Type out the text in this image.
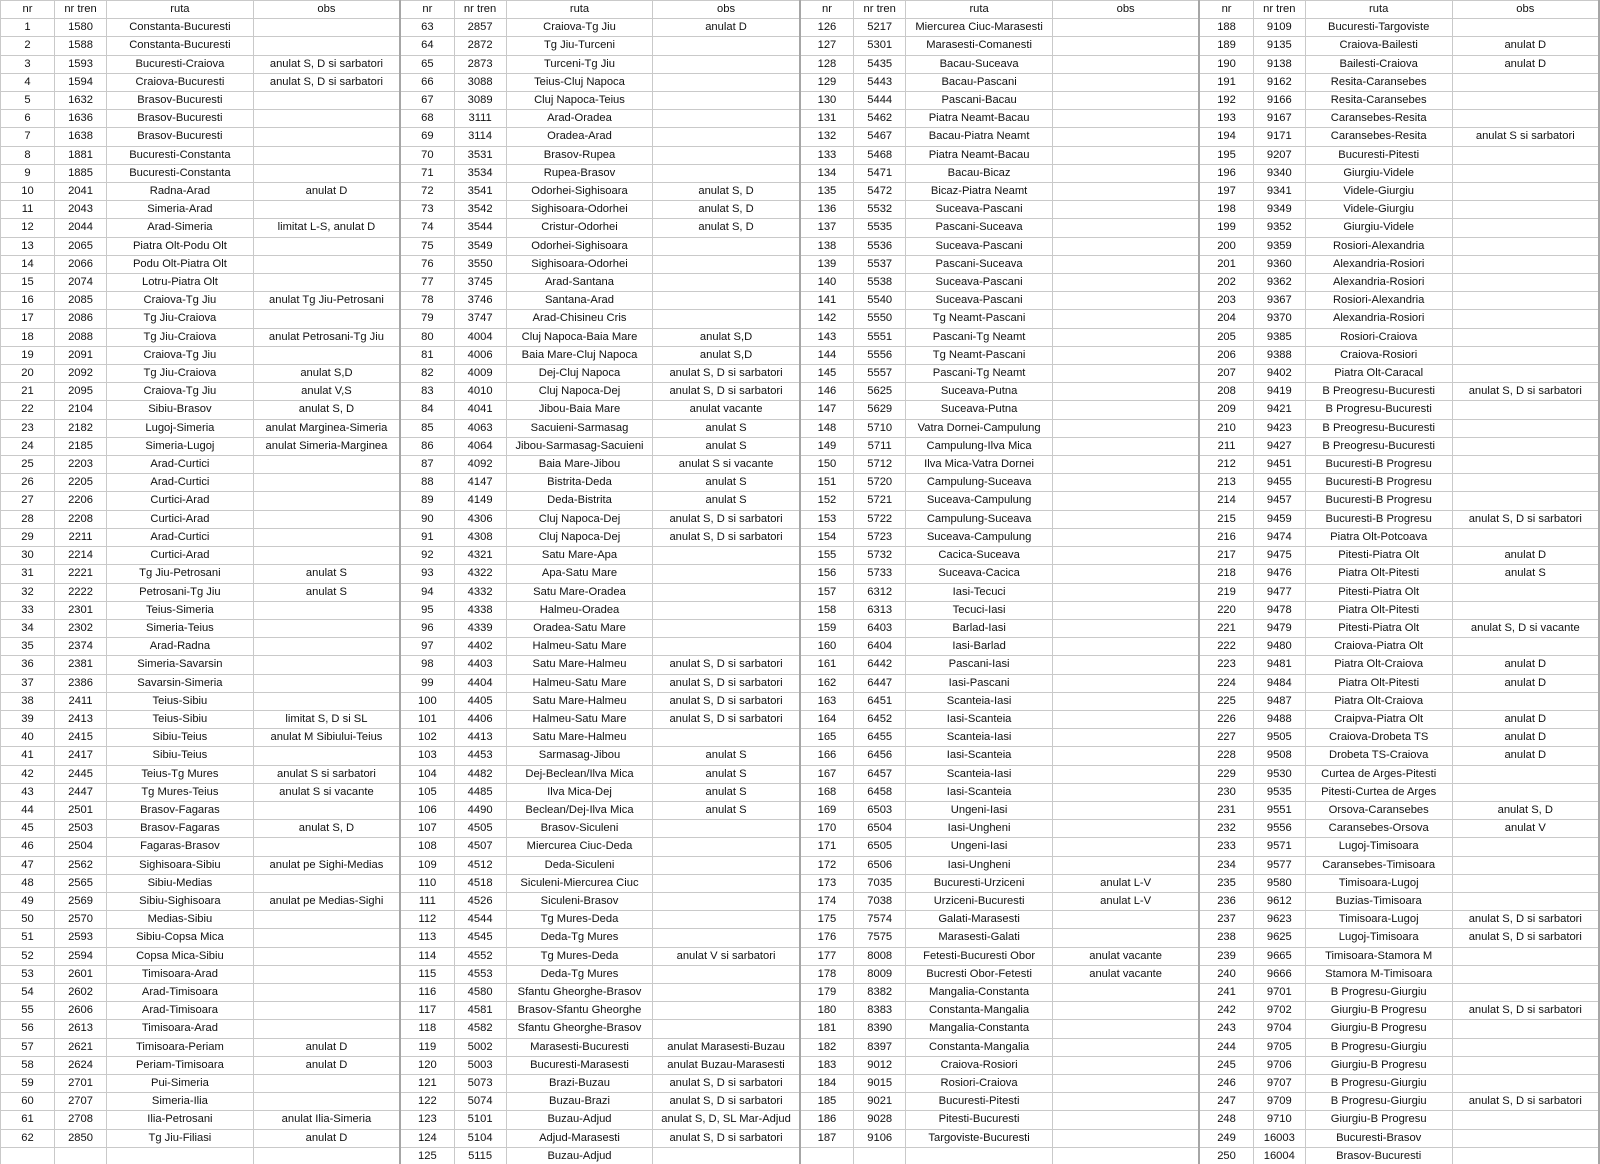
nr	nr tren	ruta	obs	nr	nr tren	ruta	obs	nr	nr tren	ruta	obs	nr	nr tren	ruta	obs
1	1580	Constanta-Bucuresti		63	2857	Craiova-Tg Jiu	anulat D	126	5217	Miercurea Ciuc-Marasesti		188	9109	Bucuresti-Targoviste	
2	1588	Constanta-Bucuresti		64	2872	Tg Jiu-Turceni		127	5301	Marasesti-Comanesti		189	9135	Craiova-Bailesti	anulat D
3	1593	Bucuresti-Craiova	anulat S, D si sarbatori	65	2873	Turceni-Tg Jiu		128	5435	Bacau-Suceava		190	9138	Bailesti-Craiova	anulat D
4	1594	Craiova-Bucuresti	anulat S, D si sarbatori	66	3088	Teius-Cluj Napoca		129	5443	Bacau-Pascani		191	9162	Resita-Caransebes	
5	1632	Brasov-Bucuresti		67	3089	Cluj Napoca-Teius		130	5444	Pascani-Bacau		192	9166	Resita-Caransebes	
6	1636	Brasov-Bucuresti		68	3111	Arad-Oradea		131	5462	Piatra Neamt-Bacau		193	9167	Caransebes-Resita	
7	1638	Brasov-Bucuresti		69	3114	Oradea-Arad		132	5467	Bacau-Piatra Neamt		194	9171	Caransebes-Resita	anulat S si sarbatori
8	1881	Bucuresti-Constanta		70	3531	Brasov-Rupea		133	5468	Piatra Neamt-Bacau		195	9207	Bucuresti-Pitesti	
9	1885	Bucuresti-Constanta		71	3534	Rupea-Brasov		134	5471	Bacau-Bicaz		196	9340	Giurgiu-Videle	
10	2041	Radna-Arad	anulat D	72	3541	Odorhei-Sighisoara	anulat S, D	135	5472	Bicaz-Piatra Neamt		197	9341	Videle-Giurgiu	
11	2043	Simeria-Arad		73	3542	Sighisoara-Odorhei	anulat S, D	136	5532	Suceava-Pascani		198	9349	Videle-Giurgiu	
12	2044	Arad-Simeria	limitat L-S, anulat D	74	3544	Cristur-Odorhei	anulat S, D	137	5535	Pascani-Suceava		199	9352	Giurgiu-Videle	
13	2065	Piatra Olt-Podu Olt		75	3549	Odorhei-Sighisoara		138	5536	Suceava-Pascani		200	9359	Rosiori-Alexandria	
14	2066	Podu Olt-Piatra Olt		76	3550	Sighisoara-Odorhei		139	5537	Pascani-Suceava		201	9360	Alexandria-Rosiori	
15	2074	Lotru-Piatra Olt		77	3745	Arad-Santana		140	5538	Suceava-Pascani		202	9362	Alexandria-Rosiori	
16	2085	Craiova-Tg Jiu	anulat Tg Jiu-Petrosani	78	3746	Santana-Arad		141	5540	Suceava-Pascani		203	9367	Rosiori-Alexandria	
17	2086	Tg Jiu-Craiova		79	3747	Arad-Chisineu Cris		142	5550	Tg Neamt-Pascani		204	9370	Alexandria-Rosiori	
18	2088	Tg Jiu-Craiova	anulat Petrosani-Tg Jiu	80	4004	Cluj Napoca-Baia Mare	anulat S,D	143	5551	Pascani-Tg Neamt		205	9385	Rosiori-Craiova	
19	2091	Craiova-Tg Jiu		81	4006	Baia Mare-Cluj Napoca	anulat S,D	144	5556	Tg Neamt-Pascani		206	9388	Craiova-Rosiori	
20	2092	Tg Jiu-Craiova	anulat S,D	82	4009	Dej-Cluj Napoca	anulat S, D si sarbatori	145	5557	Pascani-Tg Neamt		207	9402	Piatra Olt-Caracal	
21	2095	Craiova-Tg Jiu	anulat V,S	83	4010	Cluj Napoca-Dej	anulat S, D si sarbatori	146	5625	Suceava-Putna		208	9419	B Preogresu-Bucuresti	anulat S, D si sarbatori
22	2104	Sibiu-Brasov	anulat S, D	84	4041	Jibou-Baia Mare	anulat vacante	147	5629	Suceava-Putna		209	9421	B Progresu-Bucuresti	
23	2182	Lugoj-Simeria	anulat Marginea-Simeria	85	4063	Sacuieni-Sarmasag	anulat S	148	5710	Vatra Dornei-Campulung		210	9423	B Preogresu-Bucuresti	
24	2185	Simeria-Lugoj	anulat Simeria-Marginea	86	4064	Jibou-Sarmasag-Sacuieni	anulat S	149	5711	Campulung-Ilva Mica		211	9427	B Preogresu-Bucuresti	
25	2203	Arad-Curtici		87	4092	Baia Mare-Jibou	anulat S si vacante	150	5712	Ilva Mica-Vatra Dornei		212	9451	Bucuresti-B Progresu	
26	2205	Arad-Curtici		88	4147	Bistrita-Deda	anulat S	151	5720	Campulung-Suceava		213	9455	Bucuresti-B Progresu	
27	2206	Curtici-Arad		89	4149	Deda-Bistrita	anulat S	152	5721	Suceava-Campulung		214	9457	Bucuresti-B Progresu	
28	2208	Curtici-Arad		90	4306	Cluj Napoca-Dej	anulat S, D si sarbatori	153	5722	Campulung-Suceava		215	9459	Bucuresti-B Progresu	anulat S, D si sarbatori
29	2211	Arad-Curtici		91	4308	Cluj Napoca-Dej	anulat S, D si sarbatori	154	5723	Suceava-Campulung		216	9474	Piatra Olt-Potcoava	
30	2214	Curtici-Arad		92	4321	Satu Mare-Apa		155	5732	Cacica-Suceava		217	9475	Pitesti-Piatra Olt	anulat D
31	2221	Tg Jiu-Petrosani	anulat S	93	4322	Apa-Satu Mare		156	5733	Suceava-Cacica		218	9476	Piatra Olt-Pitesti	anulat S
32	2222	Petrosani-Tg Jiu	anulat S	94	4332	Satu Mare-Oradea		157	6312	Iasi-Tecuci		219	9477	Pitesti-Piatra Olt	
33	2301	Teius-Simeria		95	4338	Halmeu-Oradea		158	6313	Tecuci-Iasi		220	9478	Piatra Olt-Pitesti	
34	2302	Simeria-Teius		96	4339	Oradea-Satu Mare		159	6403	Barlad-Iasi		221	9479	Pitesti-Piatra Olt	anulat S, D si vacante
35	2374	Arad-Radna		97	4402	Halmeu-Satu Mare		160	6404	Iasi-Barlad		222	9480	Craiova-Piatra Olt	
36	2381	Simeria-Savarsin		98	4403	Satu Mare-Halmeu	anulat S, D si sarbatori	161	6442	Pascani-Iasi		223	9481	Piatra Olt-Craiova	anulat D
37	2386	Savarsin-Simeria		99	4404	Halmeu-Satu Mare	anulat S, D si sarbatori	162	6447	Iasi-Pascani		224	9484	Piatra Olt-Pitesti	anulat D
38	2411	Teius-Sibiu		100	4405	Satu Mare-Halmeu	anulat S, D si sarbatori	163	6451	Scanteia-Iasi		225	9487	Piatra Olt-Craiova	
39	2413	Teius-Sibiu	limitat S, D si SL	101	4406	Halmeu-Satu Mare	anulat S, D si sarbatori	164	6452	Iasi-Scanteia		226	9488	Craipva-Piatra Olt	anulat D
40	2415	Sibiu-Teius	anulat M Sibiului-Teius	102	4413	Satu Mare-Halmeu		165	6455	Scanteia-Iasi		227	9505	Craiova-Drobeta TS	anulat D
41	2417	Sibiu-Teius		103	4453	Sarmasag-Jibou	anulat S	166	6456	Iasi-Scanteia		228	9508	Drobeta TS-Craiova	anulat D
42	2445	Teius-Tg Mures	anulat S si sarbatori	104	4482	Dej-Beclean/Ilva Mica	anulat S	167	6457	Scanteia-Iasi		229	9530	Curtea de Arges-Pitesti	
43	2447	Tg Mures-Teius	anulat S si vacante	105	4485	Ilva Mica-Dej	anulat S	168	6458	Iasi-Scanteia		230	9535	Pitesti-Curtea de Arges	
44	2501	Brasov-Fagaras		106	4490	Beclean/Dej-Ilva Mica	anulat S	169	6503	Ungeni-Iasi		231	9551	Orsova-Caransebes	anulat S, D
45	2503	Brasov-Fagaras	anulat S, D	107	4505	Brasov-Siculeni		170	6504	Iasi-Ungheni		232	9556	Caransebes-Orsova	anulat V
46	2504	Fagaras-Brasov		108	4507	Miercurea Ciuc-Deda		171	6505	Ungeni-Iasi		233	9571	Lugoj-Timisoara	
47	2562	Sighisoara-Sibiu	anulat pe Sighi-Medias	109	4512	Deda-Siculeni		172	6506	Iasi-Ungheni		234	9577	Caransebes-Timisoara	
48	2565	Sibiu-Medias		110	4518	Siculeni-Miercurea Ciuc		173	7035	Bucuresti-Urziceni	anulat L-V	235	9580	Timisoara-Lugoj	
49	2569	Sibiu-Sighisoara	anulat pe Medias-Sighi	111	4526	Siculeni-Brasov		174	7038	Urziceni-Bucuresti	anulat L-V	236	9612	Buzias-Timisoara	
50	2570	Medias-Sibiu		112	4544	Tg Mures-Deda		175	7574	Galati-Marasesti		237	9623	Timisoara-Lugoj	anulat S, D si sarbatori
51	2593	Sibiu-Copsa Mica		113	4545	Deda-Tg Mures		176	7575	Marasesti-Galati		238	9625	Lugoj-Timisoara	anulat S, D si sarbatori
52	2594	Copsa Mica-Sibiu		114	4552	Tg Mures-Deda	anulat V si sarbatori	177	8008	Fetesti-Bucuresti Obor	anulat vacante	239	9665	Timisoara-Stamora M	
53	2601	Timisoara-Arad		115	4553	Deda-Tg Mures		178	8009	Bucresti Obor-Fetesti	anulat vacante	240	9666	Stamora M-Timisoara	
54	2602	Arad-Timisoara		116	4580	Sfantu Gheorghe-Brasov		179	8382	Mangalia-Constanta		241	9701	B Progresu-Giurgiu	
55	2606	Arad-Timisoara		117	4581	Brasov-Sfantu Gheorghe		180	8383	Constanta-Mangalia		242	9702	Giurgiu-B Progresu	anulat S, D si sarbatori
56	2613	Timisoara-Arad		118	4582	Sfantu Gheorghe-Brasov		181	8390	Mangalia-Constanta		243	9704	Giurgiu-B Progresu	
57	2621	Timisoara-Periam	anulat D	119	5002	Marasesti-Bucuresti	anulat Marasesti-Buzau	182	8397	Constanta-Mangalia		244	9705	B Progresu-Giurgiu	
58	2624	Periam-Timisoara	anulat D	120	5003	Bucuresti-Marasesti	anulat Buzau-Marasesti	183	9012	Craiova-Rosiori		245	9706	Giurgiu-B Progresu	
59	2701	Pui-Simeria		121	5073	Brazi-Buzau	anulat S, D si sarbatori	184	9015	Rosiori-Craiova		246	9707	B Progresu-Giurgiu	
60	2707	Simeria-Ilia		122	5074	Buzau-Brazi	anulat S, D si sarbatori	185	9021	Bucuresti-Pitesti		247	9709	B Progresu-Giurgiu	anulat S, D si sarbatori
61	2708	Ilia-Petrosani	anulat Ilia-Simeria	123	5101	Buzau-Adjud	anulat S, D, SL Mar-Adjud	186	9028	Pitesti-Bucuresti		248	9710	Giurgiu-B Progresu	
62	2850	Tg Jiu-Filiasi	anulat D	124	5104	Adjud-Marasesti	anulat S, D si sarbatori	187	9106	Targoviste-Bucuresti		249	16003	Bucuresti-Brasov	
				125	5115	Buzau-Adjud						250	16004	Brasov-Bucuresti	
